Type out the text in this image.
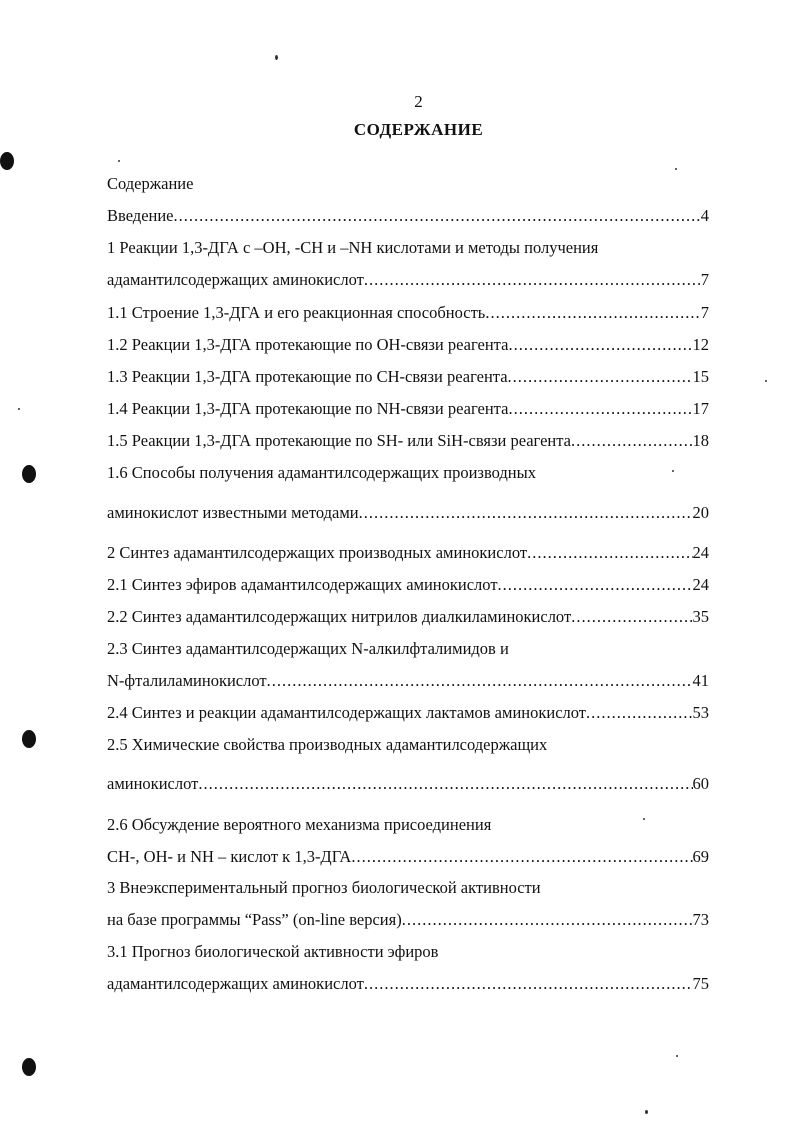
2
СОДЕРЖАНИЕ
Содержание
Введение .....	4
1 Реакции 1,3-ДГА с –ОН, -СН и –NH кислотами и методы получения
адамантилсодержащих аминокислот .....	7
1.1 Строение 1,3-ДГА и его реакционная способность .....	7
1.2 Реакции 1,3-ДГА протекающие по ОН-связи реагента .....	12
1.3 Реакции 1,3-ДГА протекающие по СН-связи реагента .....	15
1.4 Реакции 1,3-ДГА протекающие по NH-связи реагента .....	17
1.5 Реакции 1,3-ДГА протекающие по SH- или SiH-связи реагента .....	18
1.6 Способы получения адамантилсодержащих производных
аминокислот известными методами .....	20
2 Синтез адамантилсодержащих производных аминокислот .....	24
2.1 Синтез эфиров адамантилсодержащих аминокислот .....	24
2.2 Синтез адамантилсодержащих нитрилов диалкиламинокислот .....	35
2.3 Синтез адамантилсодержащих N-алкилфталимидов и
N-фталиламинокислот .....	41
2.4 Синтез и реакции адамантилсодержащих лактамов аминокислот .....	53
2.5 Химические свойства производных адамантилсодержащих
аминокислот .....	60
2.6 Обсуждение вероятного механизма присоединения
СН-, ОН- и NH – кислот к 1,3-ДГА .....	69
3 Внеэкспериментальный прогноз биологической активности
на базе программы “Pass” (on-line версия) .....	73
3.1 Прогноз биологической активности эфиров
адамантилсодержащих аминокислот .....	75
